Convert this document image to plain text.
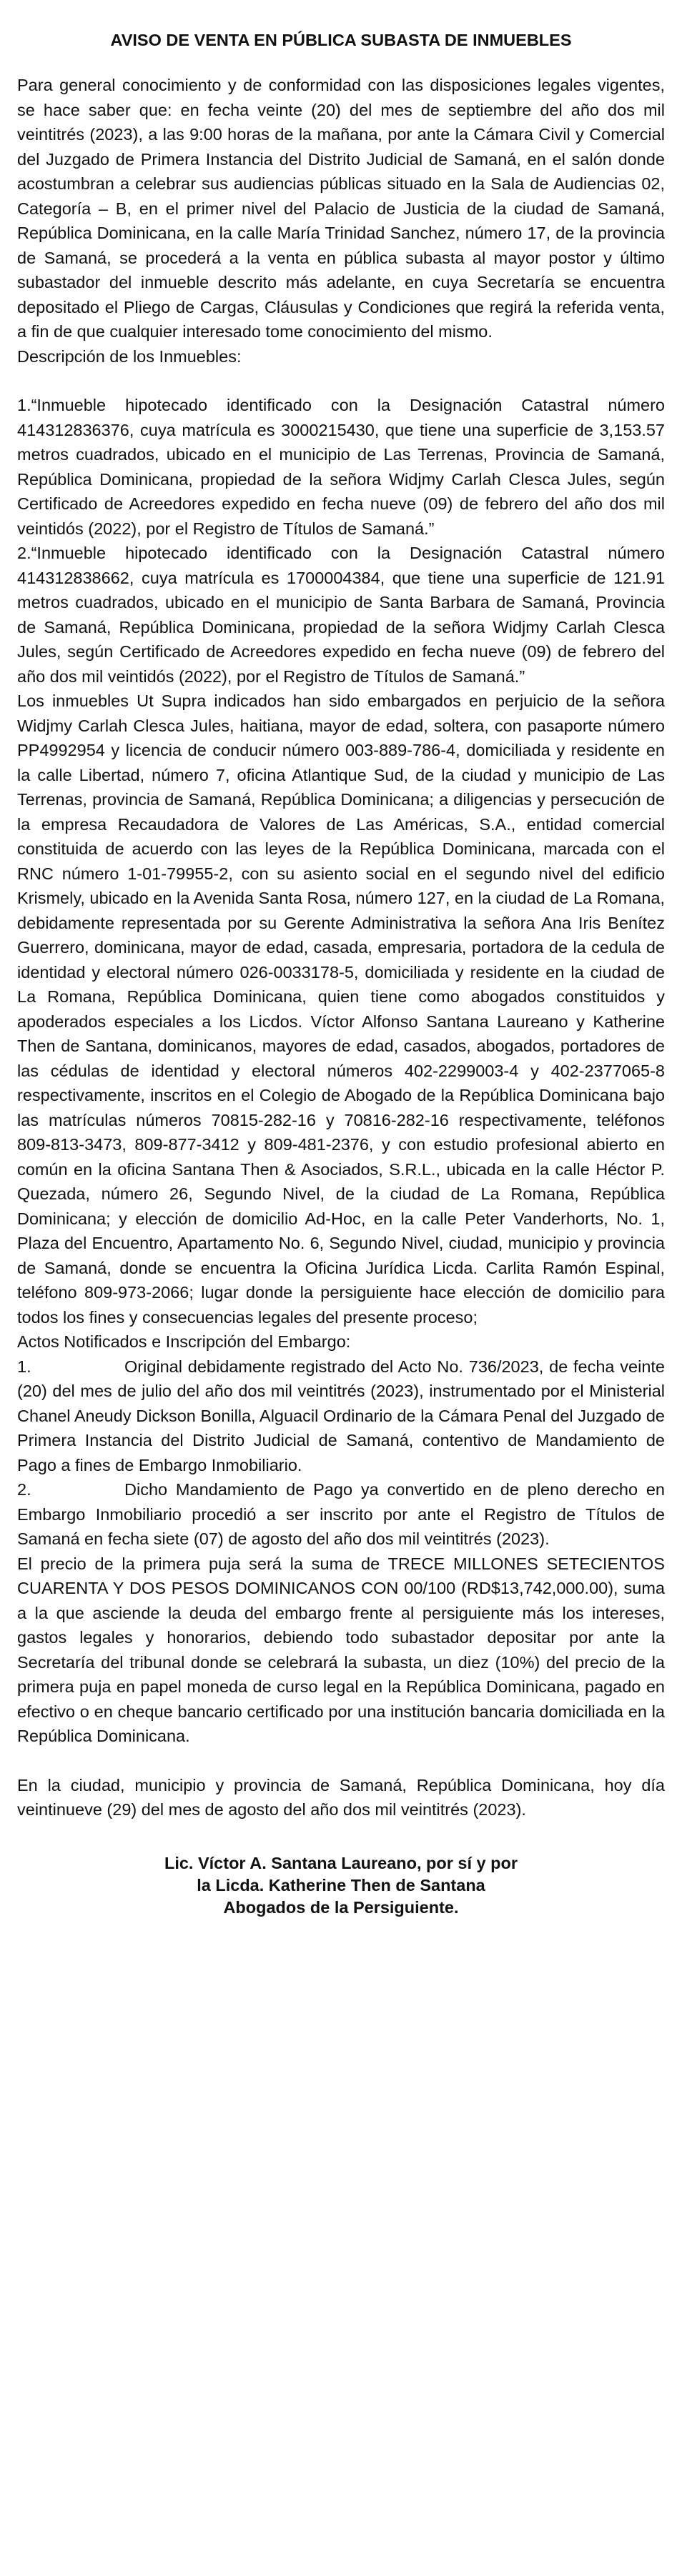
AVISO DE VENTA EN PÚBLICA SUBASTA DE INMUEBLES

Para general conocimiento y de conformidad con las disposiciones legales vigentes, se hace saber que: en fecha veinte (20) del mes de septiembre del año dos mil veintitrés (2023), a las 9:00 horas de la mañana, por ante la Cámara Civil y Comercial del Juzgado de Primera Instancia del Distrito Judicial de Samaná, en el salón donde acostumbran a celebrar sus audiencias públicas situado en la Sala de Audiencias 02, Categoría – B, en el primer nivel del Palacio de Justicia de la ciudad de Samaná, República Dominicana, en la calle María Trinidad Sanchez, número 17, de la provincia de Samaná, se procederá a la venta en pública subasta al mayor postor y último subastador del inmueble descrito más adelante, en cuya Secretaría se encuentra depositado el Pliego de Cargas, Cláusulas y Condiciones que regirá la referida venta, a fin de que cualquier interesado tome conocimiento del mismo.

Descripción de los Inmuebles:

1.“Inmueble hipotecado identificado con la Designación Catastral número 414312836376, cuya matrícula es 3000215430, que tiene una superficie de 3,153.57 metros cuadrados, ubicado en el municipio de Las Terrenas, Provincia de Samaná, República Dominicana, propiedad de la señora Widjmy Carlah Clesca Jules, según Certificado de Acreedores expedido en fecha nueve (09) de febrero del año dos mil veintidós (2022), por el Registro de Títulos de Samaná.”

2.“Inmueble hipotecado identificado con la Designación Catastral número 414312838662, cuya matrícula es 1700004384, que tiene una superficie de 121.91 metros cuadrados, ubicado en el municipio de Santa Barbara de Samaná, Provincia de Samaná, República Dominicana, propiedad de la señora Widjmy Carlah Clesca Jules, según Certificado de Acreedores expedido en fecha nueve (09) de febrero del año dos mil veintidós (2022), por el Registro de Títulos de Samaná.”

Los inmuebles Ut Supra indicados han sido embargados en perjuicio de la señora Widjmy Carlah Clesca Jules, haitiana, mayor de edad, soltera, con pasaporte número PP4992954 y licencia de conducir número 003-889-786-4, domiciliada y residente en la calle Libertad, número 7, oficina Atlantique Sud, de la ciudad y municipio de Las Terrenas, provincia de Samaná, República Dominicana; a diligencias y persecución de la empresa Recaudadora de Valores de Las Américas, S.A., entidad comercial constituida de acuerdo con las leyes de la República Dominicana, marcada con el RNC número 1-01-79955-2, con su asiento social en el segundo nivel del edificio Krismely, ubicado en la Avenida Santa Rosa, número 127, en la ciudad de La Romana, debidamente representada por su Gerente Administrativa la señora Ana Iris Benítez Guerrero, dominicana, mayor de edad, casada, empresaria, portadora de la cedula de identidad y electoral número 026-0033178-5, domiciliada y residente en la ciudad de La Romana, República Dominicana, quien tiene como abogados constituidos y apoderados especiales a los Licdos. Víctor Alfonso Santana Laureano y Katherine Then de Santana, dominicanos, mayores de edad, casados, abogados, portadores de las cédulas de identidad y electoral números 402-2299003-4 y 402-2377065-8 respectivamente, inscritos en el Colegio de Abogado de la República Dominicana bajo las matrículas números 70815-282-16 y 70816-282-16 respectivamente, teléfonos 809-813-3473, 809-877-3412 y 809-481-2376, y con estudio profesional abierto en común en la oficina Santana Then & Asociados, S.R.L., ubicada en la calle Héctor P. Quezada, número 26, Segundo Nivel, de la ciudad de La Romana, República Dominicana; y elección de domicilio Ad-Hoc, en la calle Peter Vanderhorts, No. 1, Plaza del Encuentro, Apartamento No. 6, Segundo Nivel, ciudad, municipio y provincia de Samaná, donde se encuentra la Oficina Jurídica Licda. Carlita Ramón Espinal, teléfono 809-973-2066; lugar donde la persiguiente hace elección de domicilio para todos los fines y consecuencias legales del presente proceso;

Actos Notificados e Inscripción del Embargo:

1.	Original debidamente registrado del Acto No. 736/2023, de fecha veinte (20) del mes de julio del año dos mil veintitrés (2023), instrumentado por el Ministerial Chanel Aneudy Dickson Bonilla, Alguacil Ordinario de la Cámara Penal del Juzgado de Primera Instancia del Distrito Judicial de Samaná, contentivo de Mandamiento de Pago a fines de Embargo Inmobiliario.

2.	Dicho Mandamiento de Pago ya convertido en de pleno derecho en Embargo Inmobiliario procedió a ser inscrito por ante el Registro de Títulos de Samaná en fecha siete (07) de agosto del año dos mil veintitrés (2023).

El precio de la primera puja será la suma de TRECE MILLONES SETECIENTOS CUARENTA Y DOS PESOS DOMINICANOS CON 00/100 (RD$13,742,000.00), suma a la que asciende la deuda del embargo frente al persiguiente más los intereses, gastos legales y honorarios, debiendo todo subastador depositar por ante la Secretaría del tribunal donde se celebrará la subasta, un diez (10%) del precio de la primera puja en papel moneda de curso legal en la República Dominicana, pagado en efectivo o en cheque bancario certificado por una institución bancaria domiciliada en la República Dominicana.

En la ciudad, municipio y provincia de Samaná, República Dominicana, hoy día veintinueve (29) del mes de agosto del año dos mil veintitrés (2023).

Lic. Víctor A. Santana Laureano, por sí y por
la Licda. Katherine Then de Santana
Abogados de la Persiguiente.
